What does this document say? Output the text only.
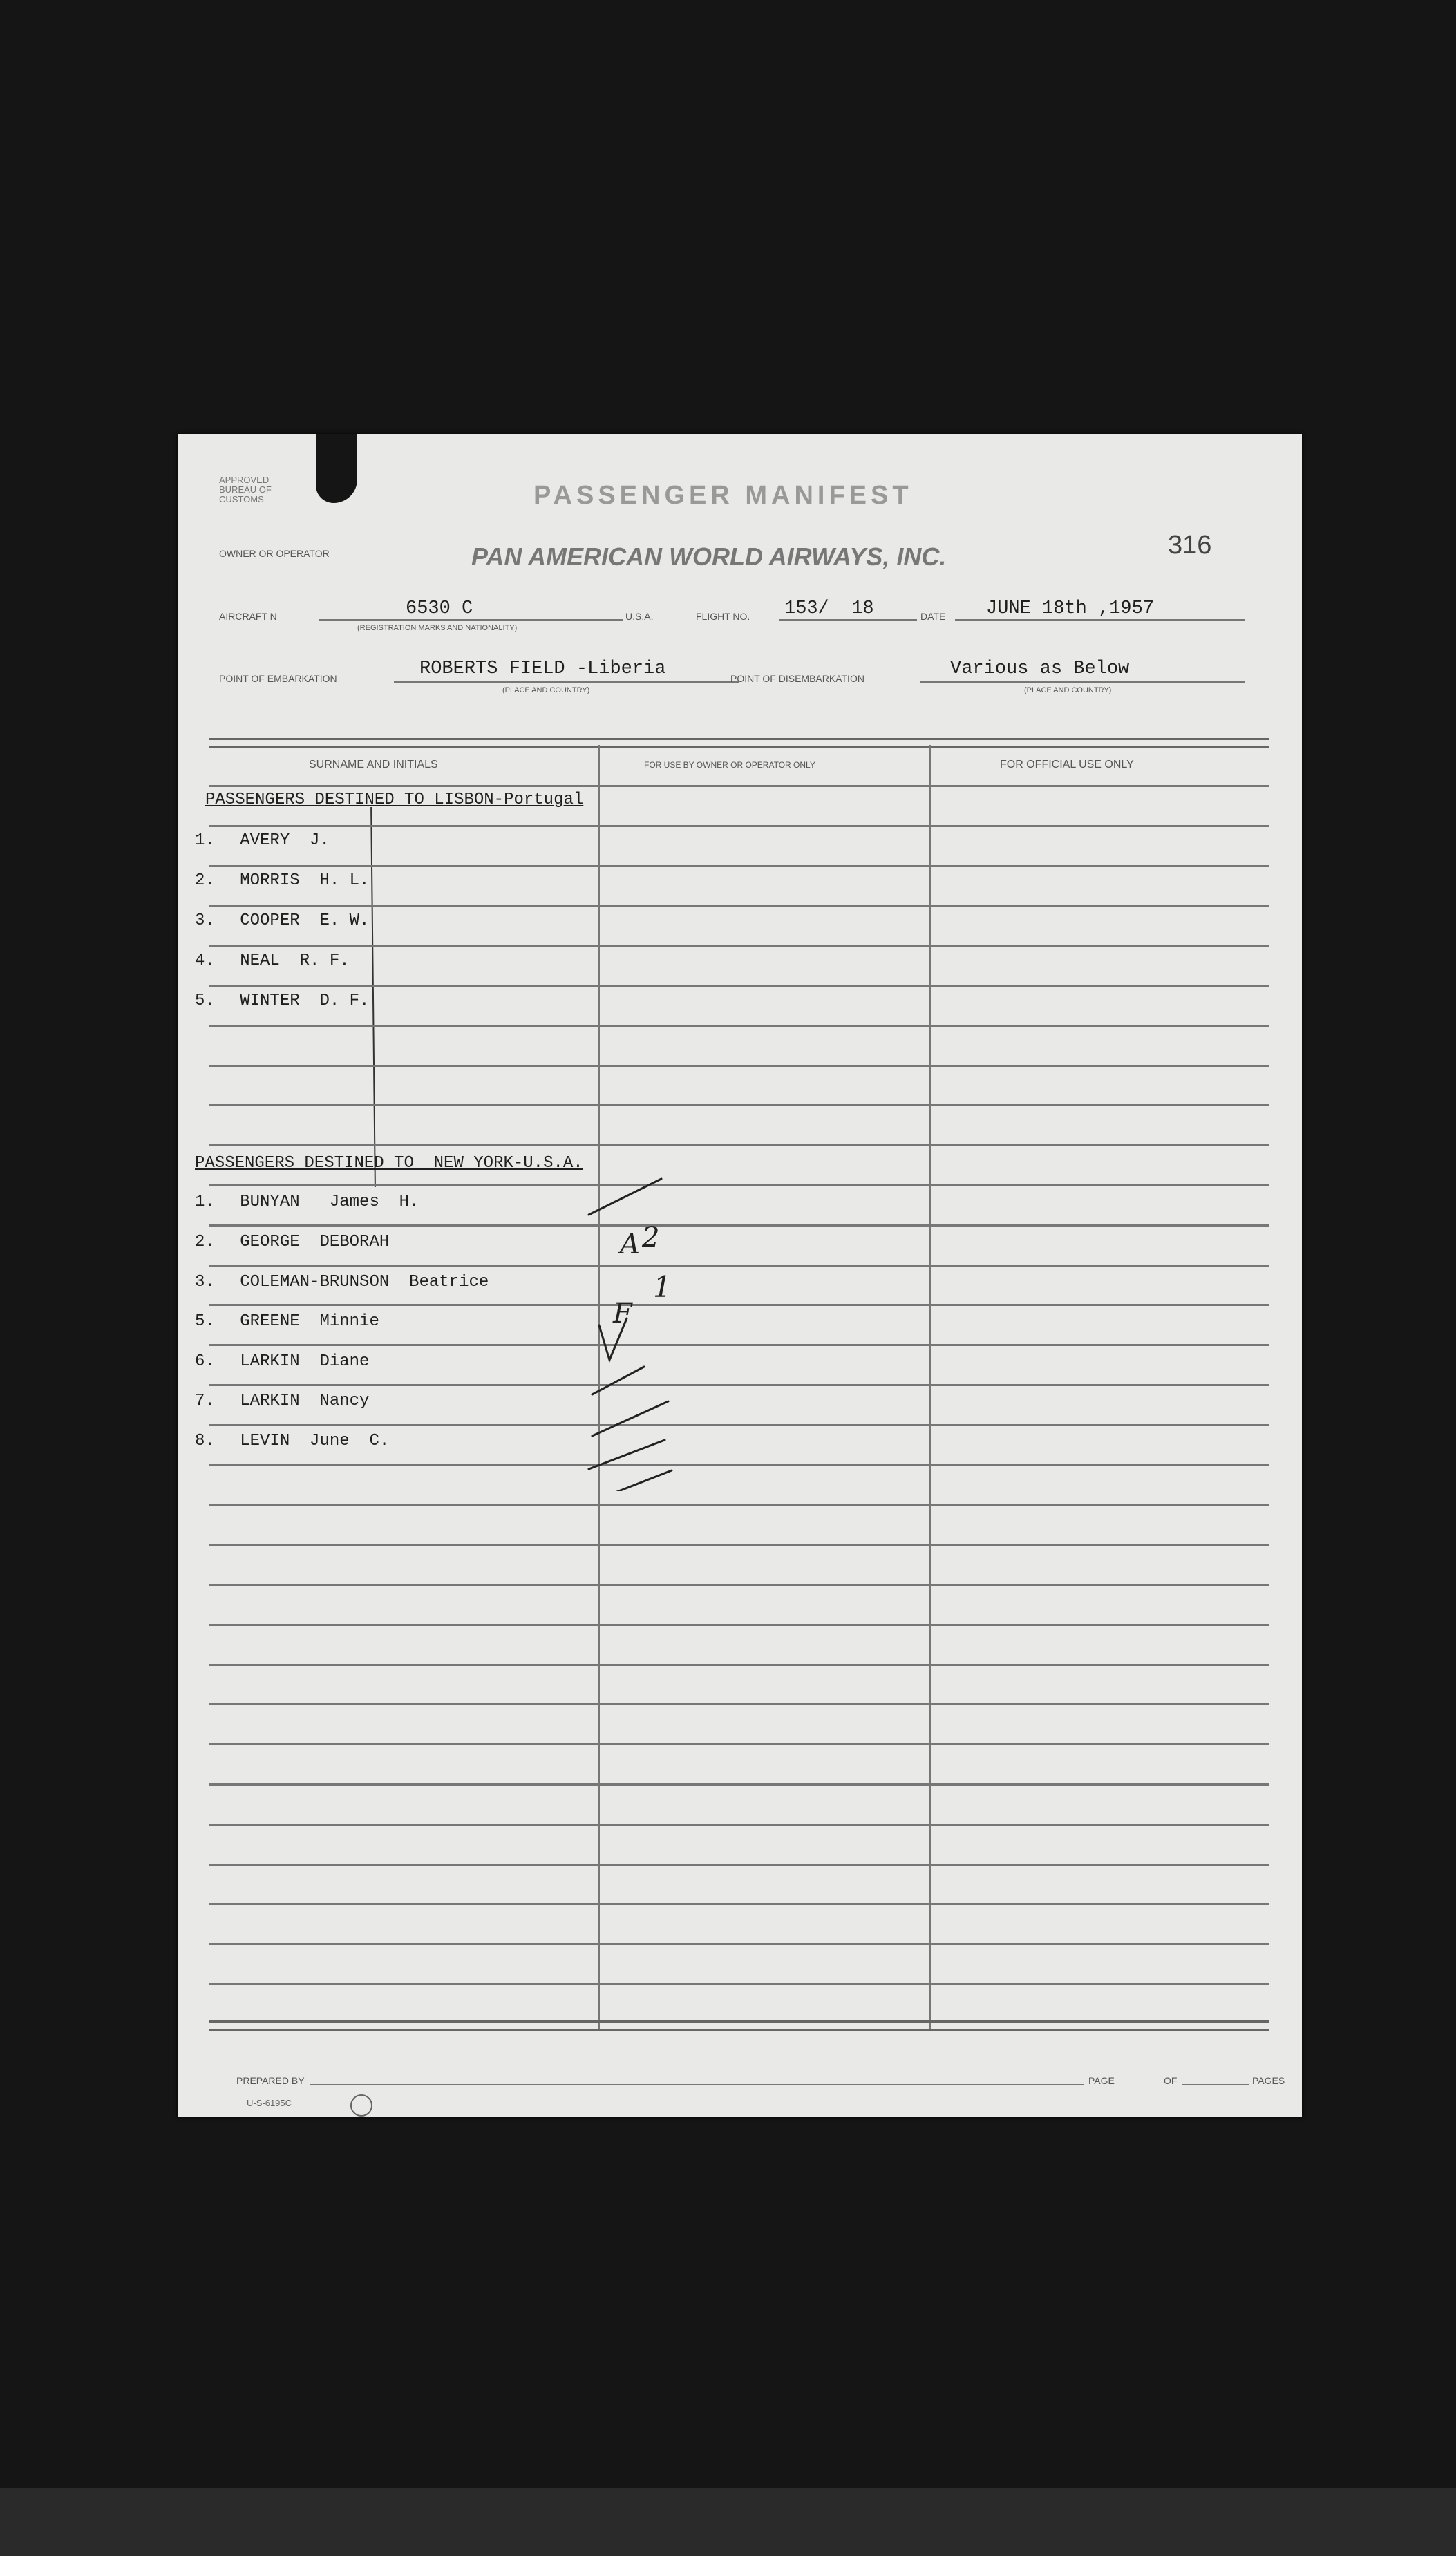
APPROVED
BUREAU OF
CUSTOMS	PASSENGER MANIFEST
316
OWNER OR OPERATOR	PAN AMERICAN WORLD AIRWAYS, INC.
AIRCRAFT N	6530 C
(REGISTRATION MARKS AND NATIONALITY)
U.S.A.	FLIGHT NO. 153/  18	DATE JUNE 18th ,1957
POINT OF EMBARKATION	ROBERTS FIELD -Liberia
(PLACE AND COUNTRY)
POINT OF DISEMBARKATION	Various as Below
(PLACE AND COUNTRY)
SURNAME AND INITIALS	FOR USE BY OWNER OR OPERATOR ONLY	FOR OFFICIAL USE ONLY
PASSENGERS DESTINED TO LISBON-Portugal
1. AVERY  J.
2. MORRIS  H. L.
3. COOPER  E. W.
4. NEAL  R. F.
5. WINTER  D. F.
PASSENGERS DESTINED TO  NEW YORK-U.S.A.
1. BUNYAN   James  H.
2. GEORGE  DEBORAH
3. COLEMAN-BRUNSON  Beatrice
5. GREENE  Minnie
6. LARKIN  Diane
7. LARKIN  Nancy
8. LEVIN  June  C.
A 2
1
F
PREPARED BY	PAGE	OF	PAGES
U-S-6195C
